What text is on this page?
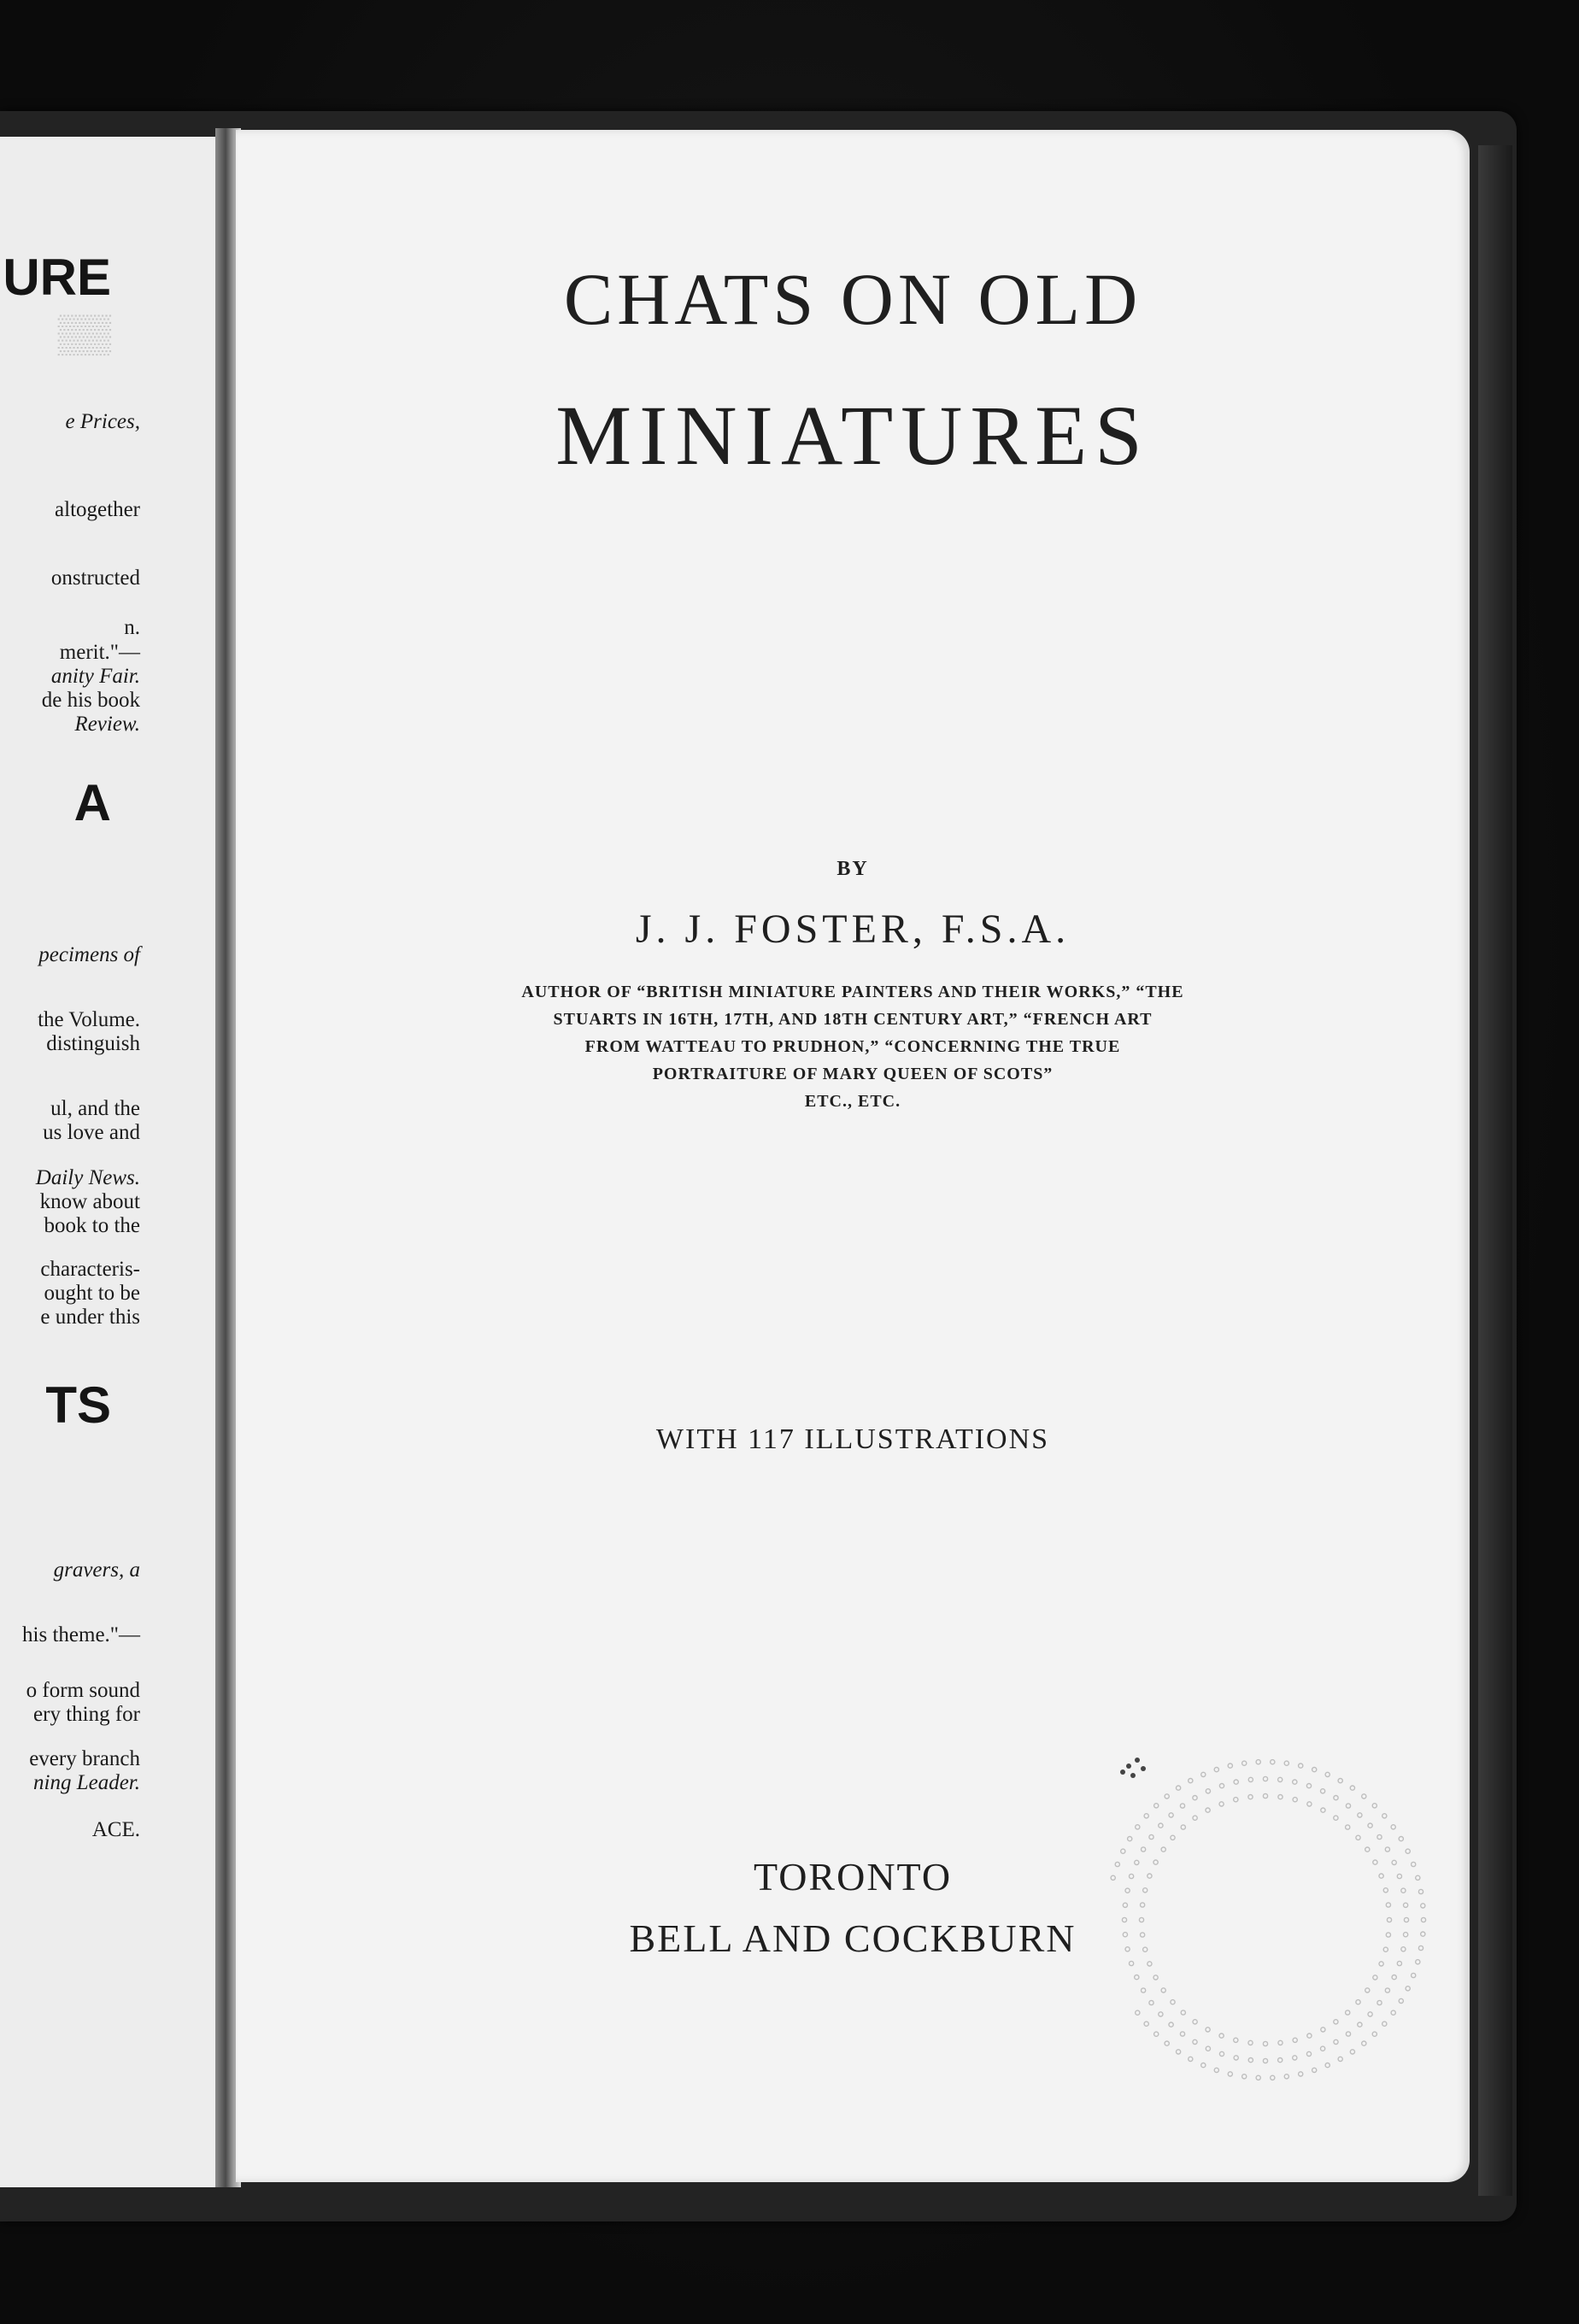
URE
▒▒
e Prices,
altogether
onstructed
n.
merit."—
anity Fair.
de his book
Review.
A
pecimens of
the Volume.
distinguish
ul, and the
us love and
Daily News.
know about
book to the
characteris-
ought to be
e under this
TS
gravers, a
his theme."—
o form sound
ery thing for
every branch
ning Leader.
ACE.
CHATS ON OLD
MINIATURES
BY
J. J. FOSTER, F.S.A.
AUTHOR OF “BRITISH MINIATURE PAINTERS AND THEIR WORKS,” “THE
STUARTS IN 16TH, 17TH, AND 18TH CENTURY ART,” “FRENCH ART
FROM WATTEAU TO PRUDHON,” “CONCERNING THE TRUE
PORTRAITURE OF MARY QUEEN OF SCOTS”
ETC., ETC.
WITH 117 ILLUSTRATIONS
TORONTO
BELL AND COCKBURN
